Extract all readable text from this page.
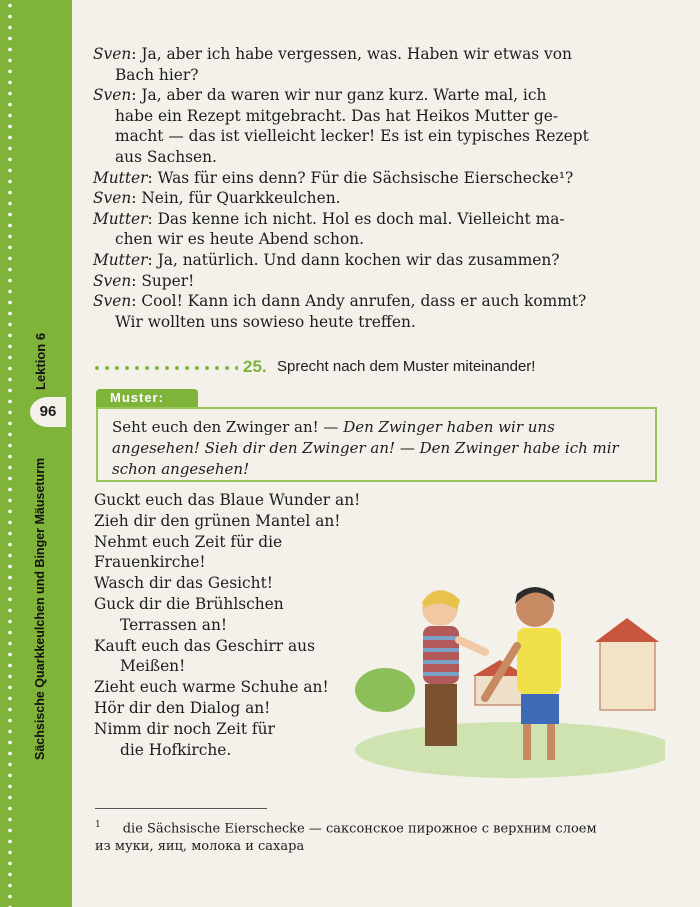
Lektion 6
96
Sächsische Quarkkeulchen und Binger Mäuseturm

Sven: Ja, aber ich habe vergessen, was. Haben wir etwas von

Bach hier?

Sven: Ja, aber da waren wir nur ganz kurz. Warte mal, ich

habe ein Rezept mitgebracht. Das hat Heikos Mutter ge-

macht — das ist vielleicht lecker! Es ist ein typisches Rezept

aus Sachsen.

Mutter: Was für eins denn? Für die Sächsische Eierschecke¹?

Sven: Nein, für Quarkkeulchen.

Mutter: Das kenne ich nicht. Hol es doch mal. Vielleicht ma-

chen wir es heute Abend schon.

Mutter: Ja, natürlich. Und dann kochen wir das zusammen?

Sven: Super!

Sven: Cool! Kann ich dann Andy anrufen, dass er auch kommt?

Wir wollten uns sowieso heute treffen.

25. Sprecht nach dem Muster miteinander!
Muster:
Seht euch den Zwinger an! — Den Zwinger haben wir uns angesehen! Sieh dir den Zwinger an! — Den Zwinger habe ich mir schon angesehen!

Guckt euch das Blaue Wunder an!

Zieh dir den grünen Mantel an!

Nehmt euch Zeit für die Frauenkirche!

Wasch dir das Gesicht!

Guck dir die Brühlschen

Terrassen an!

Kauft euch das Geschirr aus

Meißen!

Zieht euch warme Schuhe an!

Hör dir den Dialog an!

Nimm dir noch Zeit für

die Hofkirche.

$^1$ die Sächsische Eierschecke — саксонское пирожное с верхним слоем
из муки, яиц, молока и сахара
